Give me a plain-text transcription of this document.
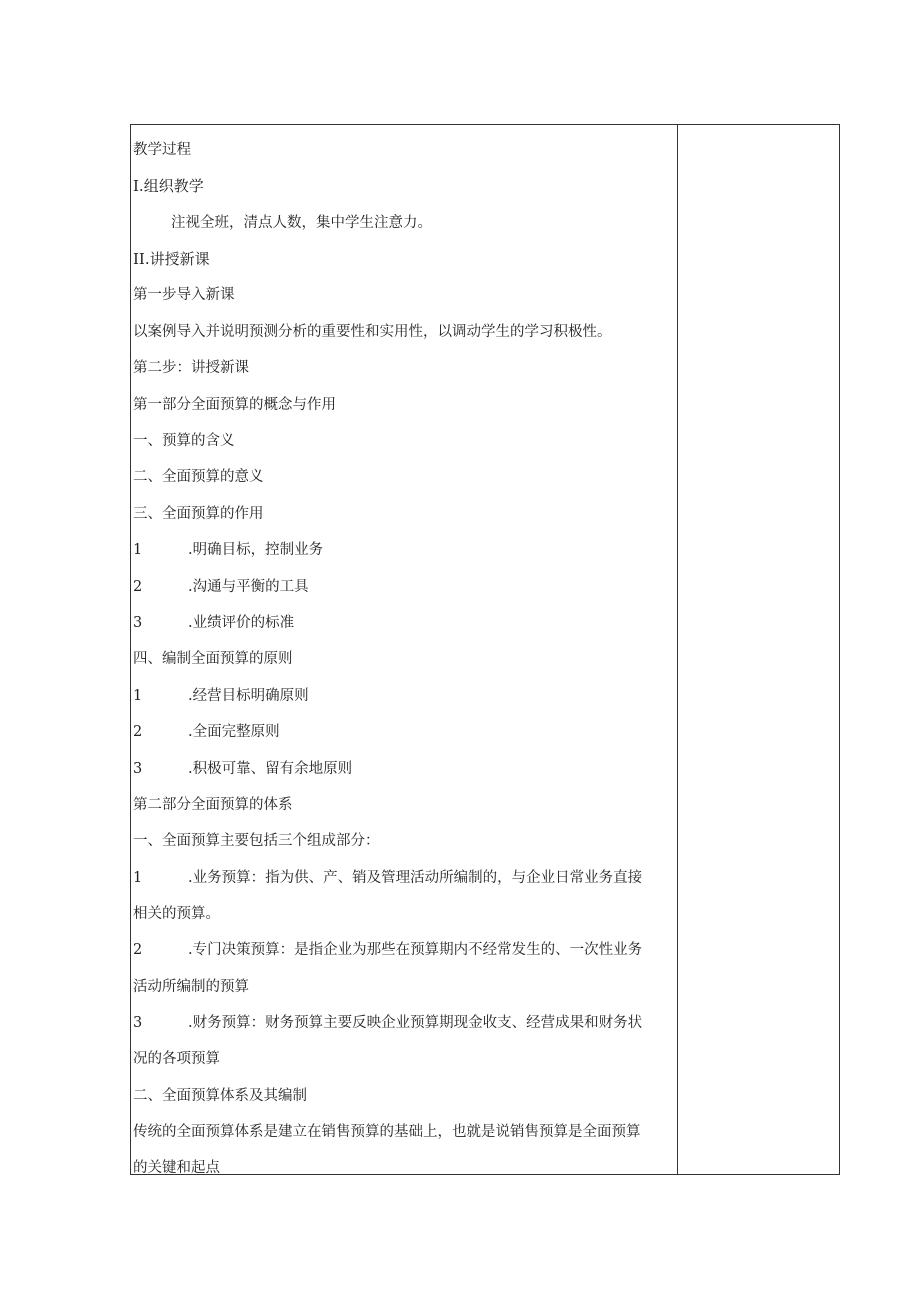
教学过程
I.组织教学
注视全班，清点人数，集中学生注意力。
II.讲授新课
第一步导入新课
以案例导入并说明预测分析的重要性和实用性，以调动学生的学习积极性。
第二步：讲授新课
第一部分全面预算的概念与作用
一、预算的含义
二、全面预算的意义
三、全面预算的作用
1	.明确目标，控制业务
2	.沟通与平衡的工具
3	.业绩评价的标准
四、编制全面预算的原则
1	.经营目标明确原则
2	.全面完整原则
3	.积极可靠、留有余地原则
第二部分全面预算的体系
一、全面预算主要包括三个组成部分：
1	.业务预算：指为供、产、销及管理活动所编制的，与企业日常业务直接
相关的预算。
2	.专门决策预算：是指企业为那些在预算期内不经常发生的、一次性业务
活动所编制的预算
3	.财务预算：财务预算主要反映企业预算期现金收支、经营成果和财务状
况的各项预算
二、全面预算体系及其编制
传统的全面预算体系是建立在销售预算的基础上，也就是说销售预算是全面预算
的关键和起点
